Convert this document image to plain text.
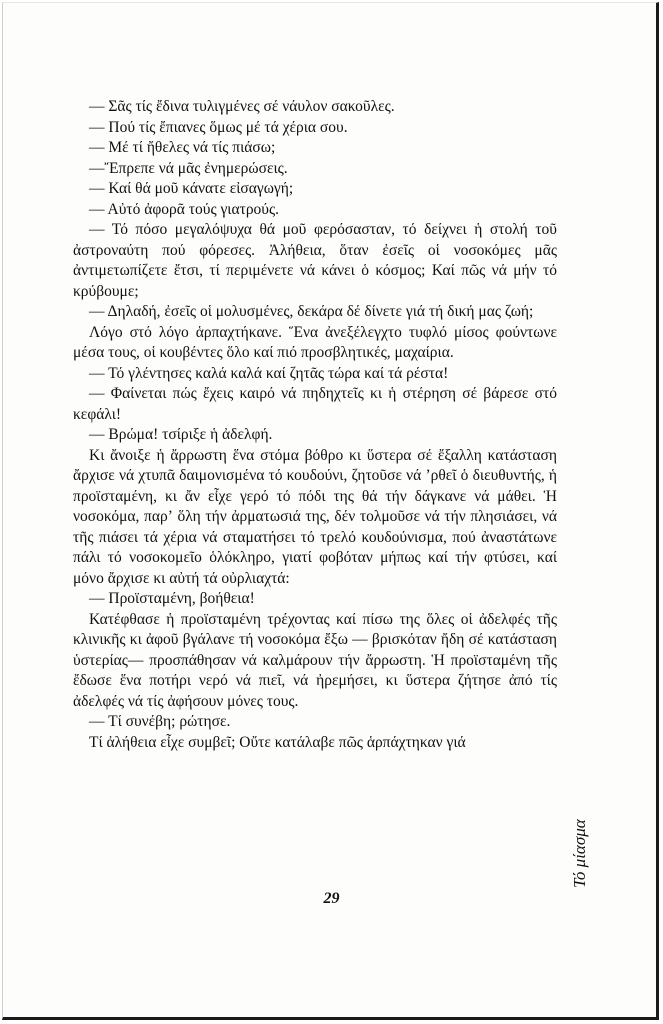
— Σᾶς τίς ἔδινα τυλιγμένες σέ νάυλον σακοῦλες.

— Πού τίς ἔπιανες ὅμως μέ τά χέρια σου.

— Μέ τί ἤθελες νά τίς πιάσω;

—Ἔπρεπε νά μᾶς ἐνημερώσεις.

— Καί θά μοῦ κάνατε εἰσαγωγή;

— Αὐτό ἀφορᾶ τούς γιατρούς.

— Τό πόσο μεγαλόψυχα θά μοῦ φερόσασταν, τό δείχνει ἡ στολή τοῦ ἀστροναύτη πού φόρεσες. Ἀλήθεια, ὅταν ἐσεῖς οἱ νοσοκόμες μᾶς ἀντιμετωπίζετε ἔτσι, τί περιμένετε νά κάνει ὁ κόσμος; Καί πῶς νά μήν τό κρύβουμε;

— Δηλαδή, ἐσεῖς οἱ μολυσμένες, δεκάρα δέ δίνετε γιά τή δική μας ζωή;

Λόγο στό λόγο ἁρπαχτήκανε. Ἕνα ἀνεξέλεγχτο τυφλό μίσος φούντωνε μέσα τους, οἱ κουβέντες ὅλο καί πιό προσβλητικές, μαχαίρια.

— Τό γλέντησες καλά καλά καί ζητᾶς τώρα καί τά ρέστα!

— Φαίνεται πώς ἔχεις καιρό νά πηδηχτεῖς κι ἡ στέρηση σέ βάρεσε στό κεφάλι!

— Βρώμα! τσίριξε ἡ ἀδελφή.

Κι ἄνοιξε ἡ ἄρρωστη ἕνα στόμα βόθρο κι ὕστερα σέ ἔξαλλη κατάσταση ἄρχισε νά χτυπᾶ δαιμονισμένα τό κουδούνι, ζητοῦσε νά ʼρθεῖ ὁ διευθυντής, ἡ προϊσταμένη, κι ἄν εἶχε γερό τό πόδι της θά τήν δάγκανε νά μάθει. Ἡ νοσοκόμα, παρʼ ὅλη τήν ἀρματωσιά της, δέν τολμοῦσε νά τήν πλησιάσει, νά τῆς πιάσει τά χέρια νά σταματήσει τό τρελό κουδούνισμα, πού ἀναστάτωνε πάλι τό νοσοκομεῖο ὁλόκληρο, γιατί φοβόταν μήπως καί τήν φτύσει, καί μόνο ἄρχισε κι αὐτή τά οὐρλιαχτά:

— Προϊσταμένη, βοήθεια!

Κατέφθασε ἡ προϊσταμένη τρέχοντας καί πίσω της ὅλες οἱ ἀδελφές τῆς κλινικῆς κι ἀφοῦ βγάλανε τή νοσοκόμα ἔξω — βρισκόταν ἤδη σέ κατάσταση ὑστερίας— προσπάθησαν νά καλμάρουν τήν ἄρρωστη. Ἡ προϊσταμένη τῆς ἔδωσε ἕνα ποτήρι νερό νά πιεῖ, νά ἠρεμήσει, κι ὕστερα ζήτησε ἀπό τίς ἀδελφές νά τίς ἀφήσουν μόνες τους.

— Τί συνέβη; ρώτησε.

Τί ἀλήθεια εἶχε συμβεῖ; Οὔτε κατάλαβε πῶς ἁρπάχτηκαν γιά

Τό μίασμα
29
